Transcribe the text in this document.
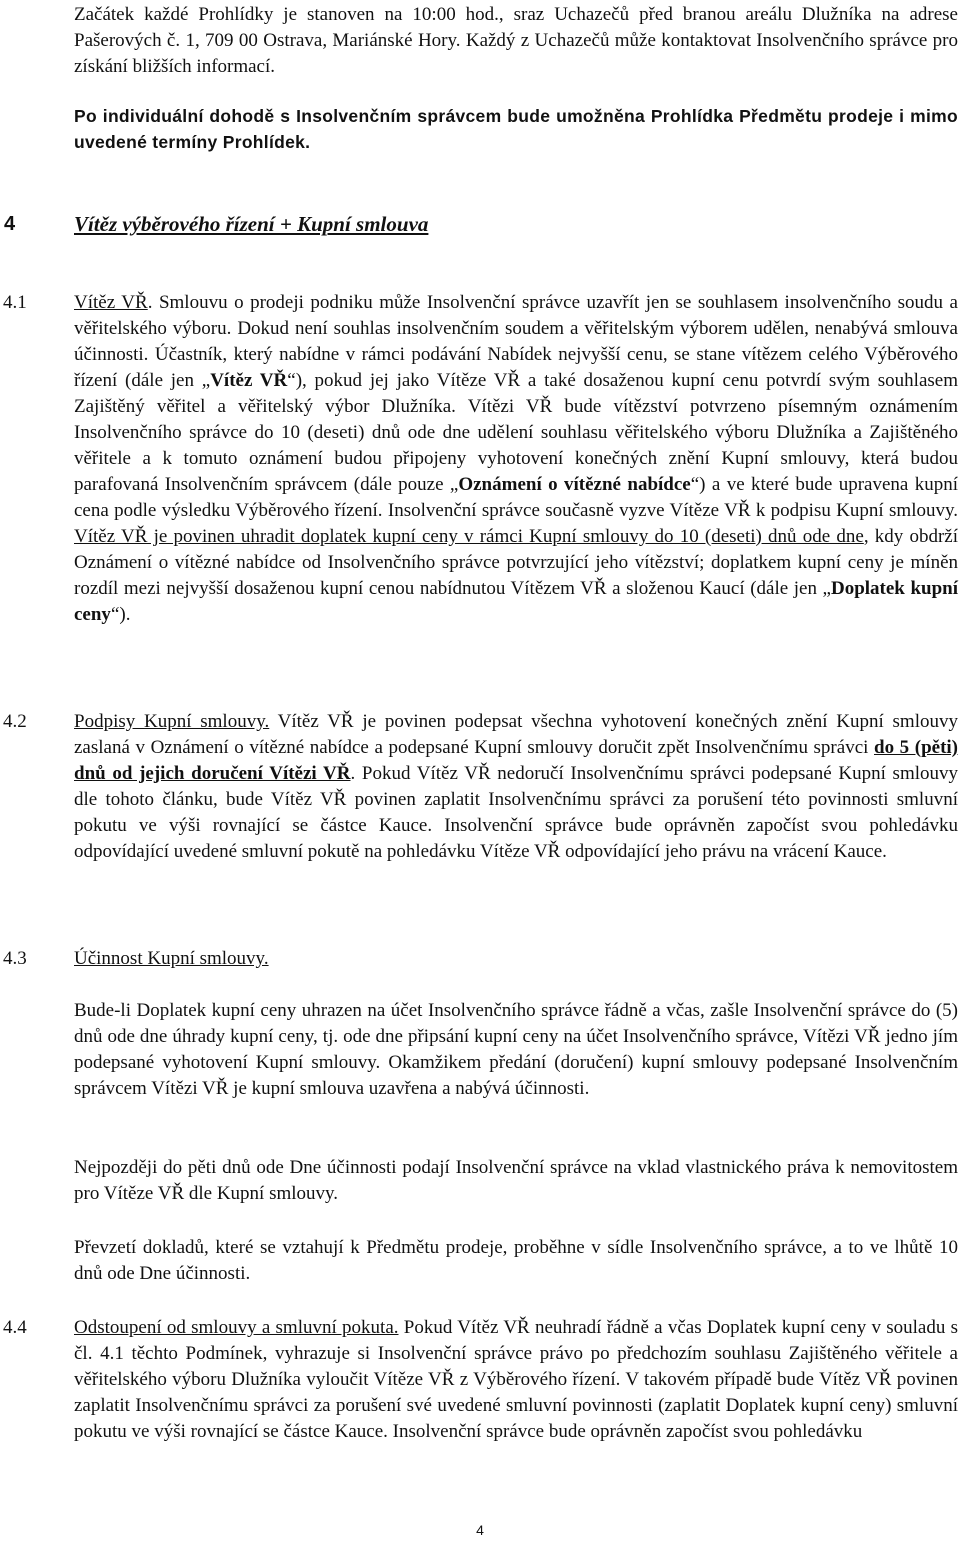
Začátek každé Prohlídky je stanoven na 10:00 hod., sraz Uchazečů před branou areálu Dlužníka na adrese Pašerových č. 1, 709 00 Ostrava, Mariánské Hory. Každý z Uchazečů může kontaktovat Insolvenčního správce pro získání bližších informací.

Po individuální dohodě s Insolvenčním správcem bude umožněna Prohlídka Předmětu prodeje i mimo uvedené termíny Prohlídek.

4	Vítěz výběrového řízení + Kupní smlouva
4.1 Vítěz VŘ. Smlouvu o prodeji podniku může Insolvenční správce uzavřít jen se souhlasem insolvenčního soudu a věřitelského výboru. Dokud není souhlas insolvenčním soudem a věřitelským výborem udělen, nenabývá smlouva účinnosti. Účastník, který nabídne v rámci podávání Nabídek nejvyšší cenu, se stane vítězem celého Výběrového řízení (dále jen „Vítěz VŘ“), pokud jej jako Vítěze VŘ a také dosaženou kupní cenu potvrdí svým souhlasem Zajištěný věřitel a věřitelský výbor Dlužníka. Vítězi VŘ bude vítězství potvrzeno písemným oznámením Insolvenčního správce do 10 (deseti) dnů ode dne udělení souhlasu věřitelského výboru Dlužníka a Zajištěného věřitele a k tomuto oznámení budou připojeny vyhotovení konečných znění Kupní smlouvy, která budou parafovaná Insolvenčním správcem (dále pouze „Oznámení o vítězné nabídce“) a ve které bude upravena kupní cena podle výsledku Výběrového řízení. Insolvenční správce současně vyzve Vítěze VŘ k podpisu Kupní smlouvy. Vítěz VŘ je povinen uhradit doplatek kupní ceny v rámci Kupní smlouvy do 10 (deseti) dnů ode dne, kdy obdrží Oznámení o vítězné nabídce od Insolvenčního správce potvrzující jeho vítězství; doplatkem kupní ceny je míněn rozdíl mezi nejvyšší dosaženou kupní cenou nabídnutou Vítězem VŘ a složenou Kaucí (dále jen „Doplatek kupní ceny“).

4.2 Podpisy Kupní smlouvy. Vítěz VŘ je povinen podepsat všechna vyhotovení konečných znění Kupní smlouvy zaslaná v Oznámení o vítězné nabídce a podepsané Kupní smlouvy doručit zpět Insolvenčnímu správci do 5 (pěti) dnů od jejich doručení Vítězi VŘ. Pokud Vítěz VŘ nedoručí Insolvenčnímu správci podepsané Kupní smlouvy dle tohoto článku, bude Vítěz VŘ povinen zaplatit Insolvenčnímu správci za porušení této povinnosti smluvní pokutu ve výši rovnající se částce Kauce. Insolvenční správce bude oprávněn započíst svou pohledávku odpovídající uvedené smluvní pokutě na pohledávku Vítěze VŘ odpovídající jeho právu na vrácení Kauce.

4.3 Účinnost Kupní smlouvy.

Bude-li Doplatek kupní ceny uhrazen na účet Insolvenčního správce řádně a včas, zašle Insolvenční správce do (5) dnů ode dne úhrady kupní ceny, tj. ode dne připsání kupní ceny na účet Insolvenčního správce, Vítězi VŘ jedno jím podepsané vyhotovení Kupní smlouvy. Okamžikem předání (doručení) kupní smlouvy podepsané Insolvenčním správcem Vítězi VŘ je kupní smlouva uzavřena a nabývá účinnosti.

Nejpozději do pěti dnů ode Dne účinnosti podají Insolvenční správce na vklad vlastnického práva k nemovitostem pro Vítěze VŘ dle Kupní smlouvy.

Převzetí dokladů, které se vztahují k Předmětu prodeje, proběhne v sídle Insolvenčního správce, a to ve lhůtě 10 dnů ode Dne účinnosti.

4.4 Odstoupení od smlouvy a smluvní pokuta. Pokud Vítěz VŘ neuhradí řádně a včas Doplatek kupní ceny v souladu s čl. 4.1 těchto Podmínek, vyhrazuje si Insolvenční správce právo po předchozím souhlasu Zajištěného věřitele a věřitelského výboru Dlužníka vyloučit Vítěze VŘ z Výběrového řízení. V takovém případě bude Vítěz VŘ povinen zaplatit Insolvenčnímu správci za porušení své uvedené smluvní povinnosti (zaplatit Doplatek kupní ceny) smluvní pokutu ve výši rovnající se částce Kauce. Insolvenční správce bude oprávněn započíst svou pohledávku

4
